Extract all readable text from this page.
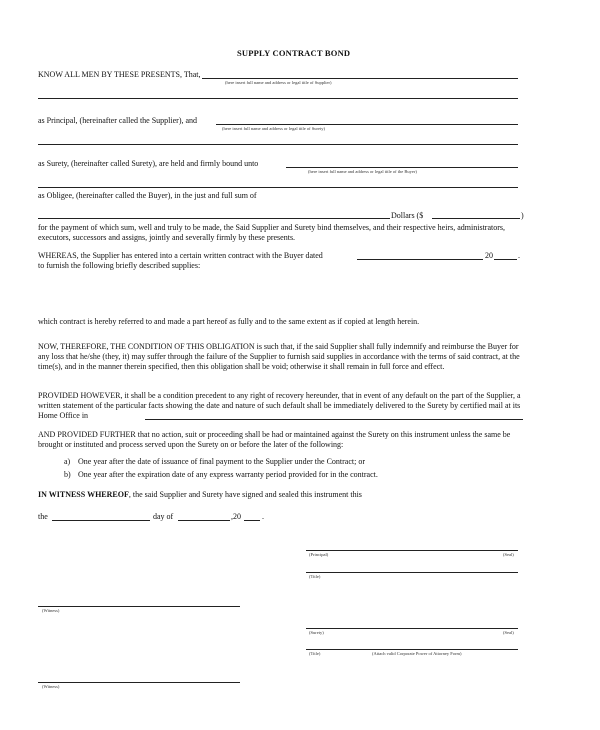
SUPPLY CONTRACT BOND
KNOW ALL MEN BY THESE PRESENTS, That,
(here insert full name and address or legal title of Supplier)
as Principal, (hereinafter called the Supplier), and
(here insert full name and address or legal title of Surety)
as Surety, (hereinafter called Surety), are held and firmly bound unto
(here insert full name and address or legal title of the Buyer)
as Obligee, (hereinafter called the Buyer), in the just and full sum of
Dollars ($	)
for the payment of which sum, well and truly to be made, the Said Supplier and Surety bind themselves, and their respective heirs, administrators, executors, successors and assigns, jointly and severally firmly by these presents.
WHEREAS, the Supplier has entered into a certain written contract with the Buyer dated	20	.
to furnish the following briefly described supplies:
which contract is hereby referred to and made a part hereof as fully and to the same extent as if copied at length herein.
NOW, THEREFORE, THE CONDITION OF THIS OBLIGATION is such that, if the said Supplier shall fully indemnify and reimburse the Buyer for any loss that he/she (they, it) may suffer through the failure of the Supplier to furnish said supplies in accordance with the terms of said contract, at the time(s), and in the manner therein specified, then this obligation shall be void; otherwise it shall remain in full force and effect.
PROVIDED HOWEVER, it shall be a condition precedent to any right of recovery hereunder, that in event of any default on the part of the Supplier, a written statement of the particular facts showing the date and nature of such default shall be immediately delivered to the Surety by certified mail at its Home Office in
AND PROVIDED FURTHER that no action, suit or proceeding shall be had or maintained against the Surety on this instrument unless the same be brought or instituted and process served upon the Surety on or before the later of the following:
a) One year after the date of issuance of final payment to the Supplier under the Contract; or
b) One year after the expiration date of any express warranty period provided for in the contract.
IN WITNESS WHEREOF, the said Supplier and Surety have signed and sealed this instrument this
the	day of	,20	.
(Principal)	(Seal)
(Title)
(Witness)
(Surety)	(Seal)
(Title)	(Attach valid Corporate Power of Attorney Form)
(Witness)
